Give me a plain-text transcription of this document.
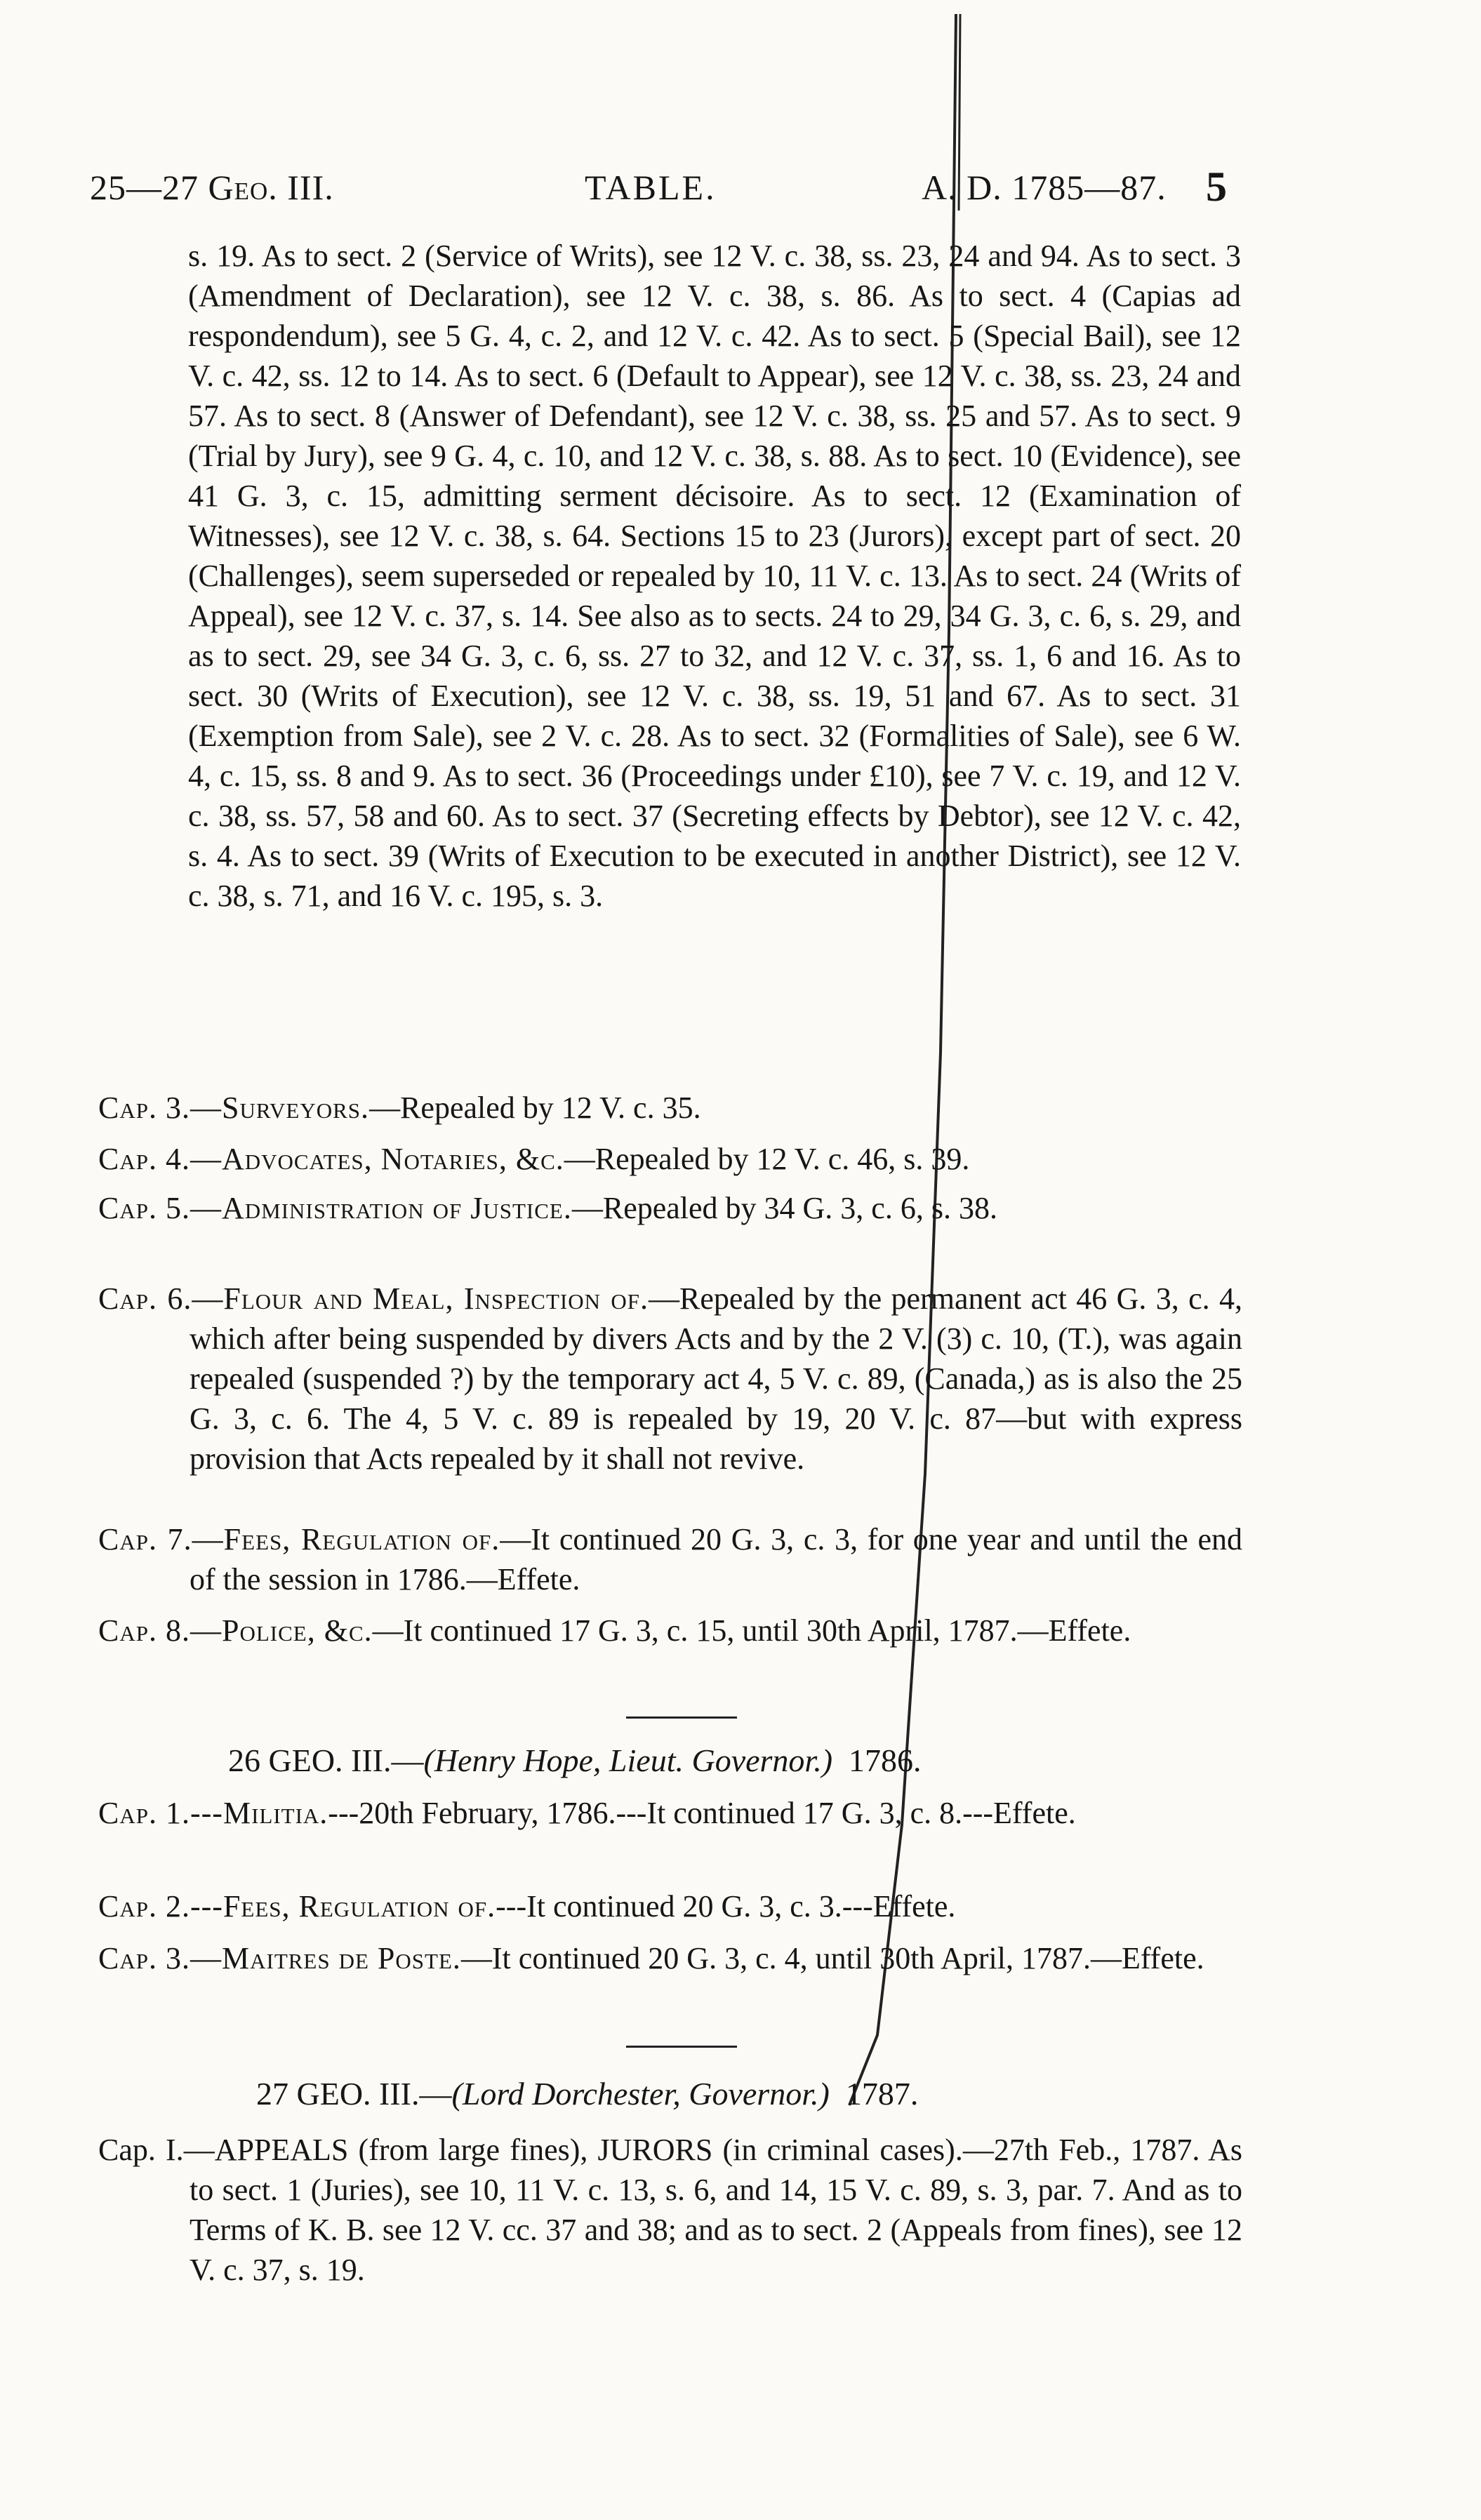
25—27 Geo. III.	TABLE.	A. D. 1785—87. 5

s. 19. As to sect. 2 (Service of Writs), see 12 V. c. 38, ss. 23, 24 and 94. As to sect. 3 (Amendment of Declaration), see 12 V. c. 38, s. 86. As to sect. 4 (Capias ad respondendum), see 5 G. 4, c. 2, and 12 V. c. 42. As to sect. 5 (Special Bail), see 12 V. c. 42, ss. 12 to 14. As to sect. 6 (Default to Appear), see 12 V. c. 38, ss. 23, 24 and 57. As to sect. 8 (Answer of Defendant), see 12 V. c. 38, ss. 25 and 57. As to sect. 9 (Trial by Jury), see 9 G. 4, c. 10, and 12 V. c. 38, s. 88. As to sect. 10 (Evidence), see 41 G. 3, c. 15, admitting serment décisoire. As to sect. 12 (Examination of Witnesses), see 12 V. c. 38, s. 64. Sections 15 to 23 (Jurors), except part of sect. 20 (Challenges), seem superseded or repealed by 10, 11 V. c. 13. As to sect. 24 (Writs of Appeal), see 12 V. c. 37, s. 14. See also as to sects. 24 to 29, 34 G. 3, c. 6, s. 29, and as to sect. 29, see 34 G. 3, c. 6, ss. 27 to 32, and 12 V. c. 37, ss. 1, 6 and 16. As to sect. 30 (Writs of Execution), see 12 V. c. 38, ss. 19, 51 and 67. As to sect. 31 (Exemption from Sale), see 2 V. c. 28. As to sect. 32 (Formalities of Sale), see 6 W. 4, c. 15, ss. 8 and 9. As to sect. 36 (Proceedings under £10), see 7 V. c. 19, and 12 V. c. 38, ss. 57, 58 and 60. As to sect. 37 (Secreting effects by Debtor), see 12 V. c. 42, s. 4. As to sect. 39 (Writs of Execution to be executed in another District), see 12 V. c. 38, s. 71, and 16 V. c. 195, s. 3.

Cap. 3.—Surveyors.—Repealed by 12 V. c. 35.
Cap. 4.—Advocates, Notaries, &c.—Repealed by 12 V. c. 46, s. 39.
Cap. 5.—Administration of Justice.—Repealed by 34 G. 3, c. 6, s. 38.
Cap. 6.—Flour and Meal, Inspection of.—Repealed by the permanent act 46 G. 3, c. 4, which after being suspended by divers Acts and by the 2 V. (3) c. 10, (T.), was again repealed (suspended ?) by the temporary act 4, 5 V. c. 89, (Canada,) as is also the 25 G. 3, c. 6. The 4, 5 V. c. 89 is repealed by 19, 20 V. c. 87—but with express provision that Acts repealed by it shall not revive.
Cap. 7.—Fees, Regulation of.—It continued 20 G. 3, c. 3, for one year and until the end of the session in 1786.—Effete.
Cap. 8.—Police, &c.—It continued 17 G. 3, c. 15, until 30th April, 1787.—Effete.
26 GEO. III.—(Henry Hope, Lieut. Governor.) 1786.
Cap. 1.---Militia.---20th February, 1786.---It continued 17 G. 3, c. 8.---Effete.
Cap. 2.---Fees, Regulation of.---It continued 20 G. 3, c. 3.---Effete.
Cap. 3.—Maitres de Poste.—It continued 20 G. 3, c. 4, until 30th April, 1787.—Effete.
27 GEO. III.—(Lord Dorchester, Governor.) 1787.
Cap. I.—APPEALS (from large fines), JURORS (in criminal cases).—27th Feb., 1787. As to sect. 1 (Juries), see 10, 11 V. c. 13, s. 6, and 14, 15 V. c. 89, s. 3, par. 7. And as to Terms of K. B. see 12 V. cc. 37 and 38; and as to sect. 2 (Appeals from fines), see 12 V. c. 37, s. 19.
